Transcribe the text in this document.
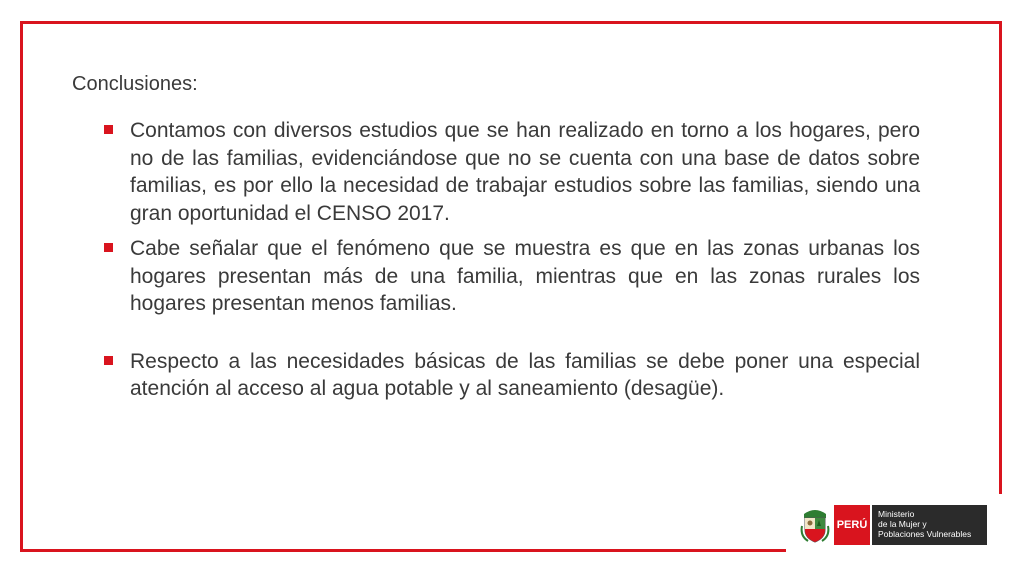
Conclusiones:

Contamos con diversos estudios que se han realizado en torno a los hogares, pero no de las familias, evidenciándose que no se cuenta con una base de datos sobre familias, es por ello la necesidad de trabajar estudios sobre las familias, siendo una gran oportunidad el CENSO 2017.
Cabe señalar que el fenómeno que se muestra es que en las zonas urbanas los hogares presentan más de una familia, mientras que en las zonas rurales los hogares presentan menos familias.
Respecto a las necesidades básicas de las familias se debe poner una especial atención al acceso al agua potable y al saneamiento (desagüe).
PERÚ
Ministerio
de la Mujer y
Poblaciones Vulnerables
